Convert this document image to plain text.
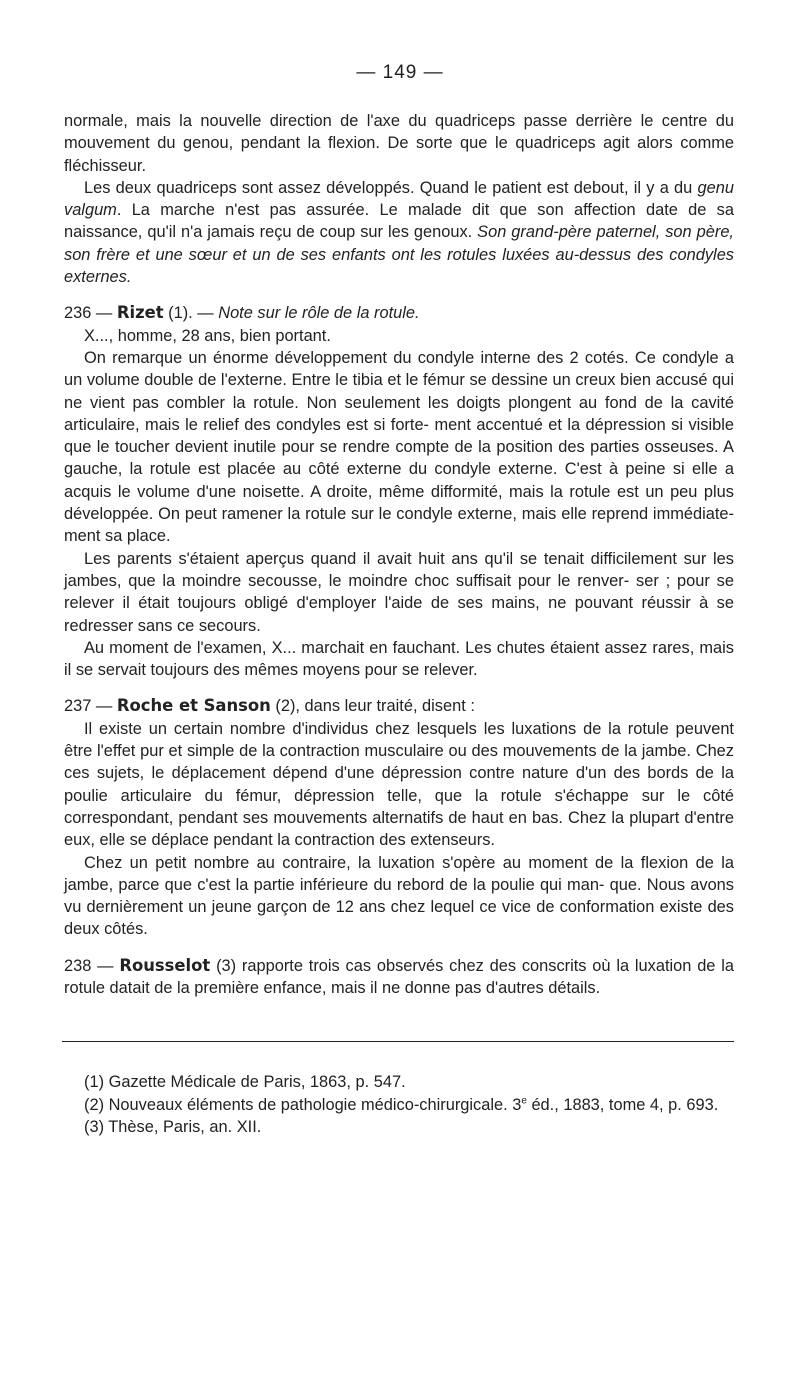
— 149 —

normale, mais la nouvelle direction de l'axe du quadriceps passe derrière le centre du mouvement du genou, pendant la flexion. De sorte que le quadriceps agit alors comme fléchisseur.

Les deux quadriceps sont assez développés. Quand le patient est debout, il y a du genu valgum. La marche n'est pas assurée. Le malade dit que son affection date de sa naissance, qu'il n'a jamais reçu de coup sur les genoux. Son grand-père paternel, son père, son frère et une sœur et un de ses enfants ont les rotules luxées au-dessus des condyles externes.

236 — Rizet (1). — Note sur le rôle de la rotule.

X..., homme, 28 ans, bien portant.

On remarque un énorme développement du condyle interne des 2 cotés. Ce condyle a un volume double de l'externe. Entre le tibia et le fémur se dessine un creux bien accusé qui ne vient pas combler la rotule. Non seulement les doigts plongent au fond de la cavité articulaire, mais le relief des condyles est si forte- ment accentué et la dépression si visible que le toucher devient inutile pour se rendre compte de la position des parties osseuses. A gauche, la rotule est placée au côté externe du condyle externe. C'est à peine si elle a acquis le volume d'une noisette. A droite, même difformité, mais la rotule est un peu plus développée. On peut ramener la rotule sur le condyle externe, mais elle reprend immédiate- ment sa place.

Les parents s'étaient aperçus quand il avait huit ans qu'il se tenait difficilement sur les jambes, que la moindre secousse, le moindre choc suffisait pour le renver- ser ; pour se relever il était toujours obligé d'employer l'aide de ses mains, ne pouvant réussir à se redresser sans ce secours.

Au moment de l'examen, X... marchait en fauchant. Les chutes étaient assez rares, mais il se servait toujours des mêmes moyens pour se relever.

237 — Roche et Sanson (2), dans leur traité, disent :

Il existe un certain nombre d'individus chez lesquels les luxations de la rotule peuvent être l'effet pur et simple de la contraction musculaire ou des mouvements de la jambe. Chez ces sujets, le déplacement dépend d'une dépression contre nature d'un des bords de la poulie articulaire du fémur, dépression telle, que la rotule s'échappe sur le côté correspondant, pendant ses mouvements alternatifs de haut en bas. Chez la plupart d'entre eux, elle se déplace pendant la contraction des extenseurs.

Chez un petit nombre au contraire, la luxation s'opère au moment de la flexion de la jambe, parce que c'est la partie inférieure du rebord de la poulie qui man- que. Nous avons vu dernièrement un jeune garçon de 12 ans chez lequel ce vice de conformation existe des deux côtés.

238 — Rousselot (3) rapporte trois cas observés chez des conscrits où la luxation de la rotule datait de la première enfance, mais il ne donne pas d'autres détails.

(1) Gazette Médicale de Paris, 1863, p. 547.

(2) Nouveaux éléments de pathologie médico-chirurgicale. 3e éd., 1883, tome 4, p. 693.

(3) Thèse, Paris, an. XII.
